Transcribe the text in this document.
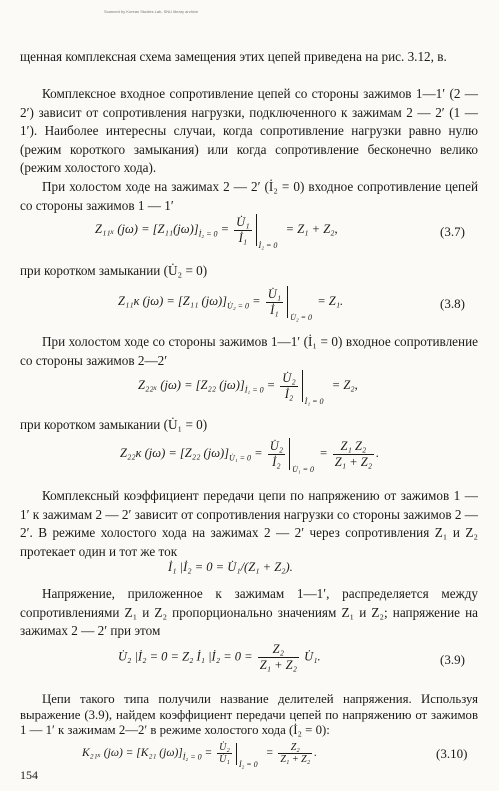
Scanned by Korean Studies Lab, SNU library archive
щенная комплексная схема замещения этих цепей приведена на рис. 3.12, в.
Комплексное входное сопротивление цепей со стороны зажимов 1—1′ (2 — 2′) зависит от сопротивления нагрузки, подключенного к зажимам 2 — 2′ (1 — 1′). Наиболее интересны случаи, когда сопротивление нагрузки равно нулю (режим короткого замыкания) или когда сопротивление бесконечно велико (режим холостого хода).
При холостом ходе на зажимах 2 — 2′ (İ₂ = 0) входное сопротивление цепей со стороны зажимов 1 — 1′
Z₁₁ₓ $(j\omega) = [Z_{11}(j\omega)]_{İ_2 = 0} = \frac{\text{U̇₁}}{\text{İ₁}}$ İ₂ = 0
= Z₁ + Z₂,	(3.7)
при коротком замыкании (U̇₂ = 0)
Z₁₁к (jω) = [Z₁₁ $(j\omega)]_{U̇_2 = 0} = \frac{\text{U̇₁}}{\text{İ₁}}$ U̇₂ = 0
= Z₁.	(3.8)
При холостом ходе со стороны зажимов 1—1′ (İ₁ = 0) входное сопротивление со стороны зажимов 2—2′
Z₂₂ₓ (jω) = [Z₂₂ $(j\omega)]_{İ_1 = 0} = \frac{\text{U̇₂}}{\text{İ₂}}$ İ₁ = 0
= Z₂,
при коротком замыкании (U̇₁ = 0)
Z₂₂к (jω) = [Z₂₂ $(j\omega)]_{U̇_1 = 0} = \frac{\text{U̇₂}}{\text{İ₂}}$ U̇₁ = 0
= $\frac{\text{Z₁ Z₂}}{\text{Z₁ + Z₂}}$ .
Комплексный коэффициент передачи цепи по напряжению от зажимов 1 — 1′ к зажимам 2 — 2′ зависит от сопротивления нагрузки со стороны зажимов 2 — 2′. В режиме холостого хода на зажимах 2 — 2′ через сопротивления Z₁ и Z₂ протекает один и тот же ток
İ₁ |İ₂ = 0 = U̇₁/(Z₁ + Z₂).
Напряжение, приложенное к зажимам 1—1′, распределяется между сопротивлениями Z₁ и Z₂ пропорционально значениям Z₁ и Z₂; напряжение на зажимах 2 — 2′ при этом
U̇₂ |İ₂ = 0 = Z₂ İ₁ |İ₂ = $0 = \frac{\text{Z₂}}{\text{Z₁ + Z₂}}$ U̇₁.	(3.9)
Цепи такого типа получили название делителей напряжения. Используя выражение (3.9), найдем коэффициент передачи цепей по напряжению от зажимов 1 — 1′ к зажимам 2—2′ в режиме холостого хода (İ₂ = 0):
K₂₁ₓ (jω) = [K₂₁ $(j\omega)]_{İ_2 = 0} = \frac{\text{U̇₂}}{\text{U̇₁}}$ İ₂ = 0
= $\frac{\text{Z₂}}{\text{Z₁ + Z₂}}$ .	(3.10)
154
